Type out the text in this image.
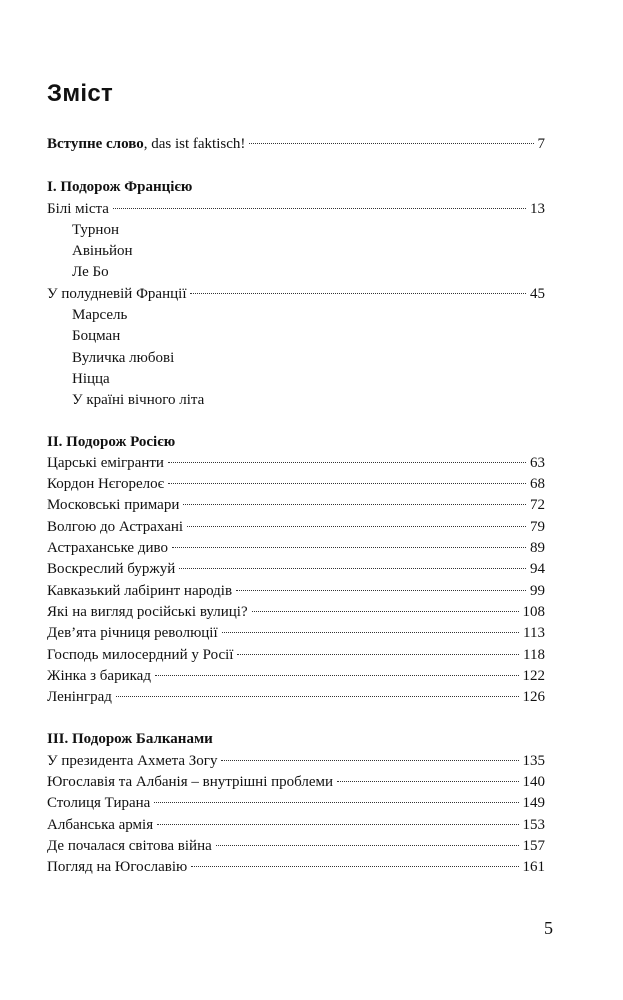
Зміст
Вступне слово, das ist faktisch!	7
I. Подорож Францією
Білі міста	13
Турнон
Авіньйон
Ле Бо
У полудневій Франції	45
Марсель
Боцман
Вуличка любові
Ніцца
У країні вічного літа
II. Подорож Росією
Царські емігранти	63
Кордон Нєгорелоє	68
Московські примари	72
Волгою до Астрахані	79
Астраханське диво	89
Воскреслий буржуй	94
Кавказький лабіринт народів	99
Які на вигляд російські вулиці?	108
Дев’ята річниця революції	113
Господь милосердний у Росії	118
Жінка з барикад	122
Ленінград	126
III. Подорож Балканами
У президента Ахмета Зогу	135
Югославія та Албанія – внутрішні проблеми	140
Столиця Тирана	149
Албанська армія	153
Де почалася світова війна	157
Погляд на Югославію	161
5
